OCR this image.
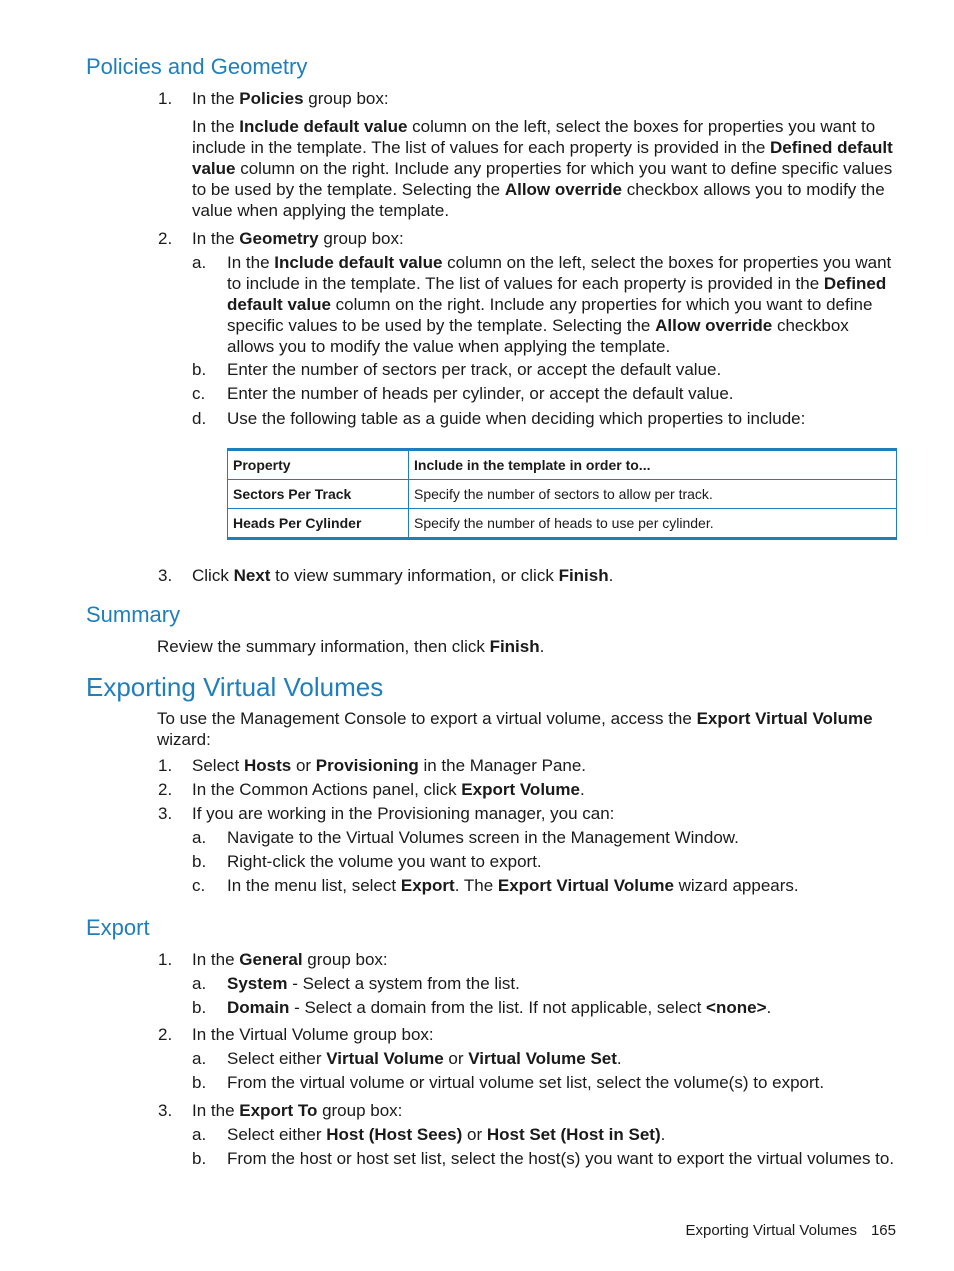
Policies and Geometry
1. In the Policies group box:

In the Include default value column on the left, select the boxes for properties you want to include in the template. The list of values for each property is provided in the Defined default value column on the right. Include any properties for which you want to define specific values to be used by the template. Selecting the Allow override checkbox allows you to modify the value when applying the template.

2. In the Geometry group box:

a. In the Include default value column on the left, select the boxes for properties you want to include in the template. The list of values for each property is provided in the Defined default value column on the right. Include any properties for which you want to define specific values to be used by the template. Selecting the Allow override checkbox allows you to modify the value when applying the template.

b. Enter the number of sectors per track, or accept the default value.

c. Enter the number of heads per cylinder, or accept the default value.

d. Use the following table as a guide when deciding which properties to include:

Property	Include in the template in order to...
Sectors Per Track	Specify the number of sectors to allow per track.
Heads Per Cylinder	Specify the number of heads to use per cylinder.
3. Click Next to view summary information, or click Finish.

Summary

Review the summary information, then click Finish.

Exporting Virtual Volumes

To use the Management Console to export a virtual volume, access the Export Virtual Volume wizard:

1. Select Hosts or Provisioning in the Manager Pane.

2. In the Common Actions panel, click Export Volume.

3. If you are working in the Provisioning manager, you can:

a. Navigate to the Virtual Volumes screen in the Management Window.

b. Right-click the volume you want to export.

c. In the menu list, select Export. The Export Virtual Volume wizard appears.

Export
1. In the General group box:

a. System - Select a system from the list.

b. Domain - Select a domain from the list. If not applicable, select <none>.

2. In the Virtual Volume group box:

a. Select either Virtual Volume or Virtual Volume Set.

b. From the virtual volume or virtual volume set list, select the volume(s) to export.

3. In the Export To group box:

a. Select either Host (Host Sees) or Host Set (Host in Set).

b. From the host or host set list, select the host(s) you want to export the virtual volumes to.

Exporting Virtual Volumes 165
